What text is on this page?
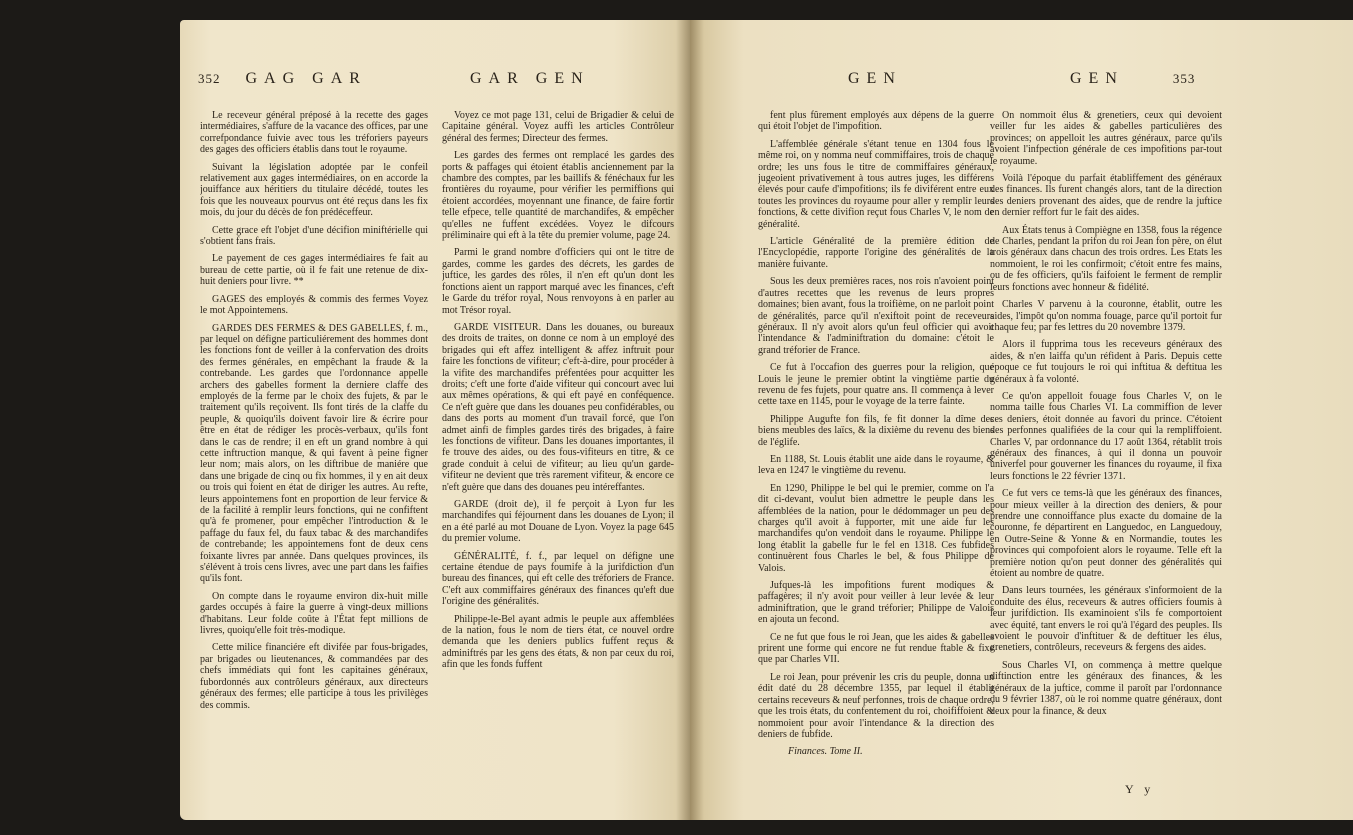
352 GAG GAR	GAR GEN

Le receveur général préposé à la recette des gages intermédiaires, s'affure de la vacance des offices, par une correfpondance fuivie avec tous les tréforiers payeurs des gages des officiers établis dans tout le royaume.

Suivant la législation adoptée par le confeil relativement aux gages intermédiaires, on en accorde la jouiffance aux héritiers du titulaire décédé, toutes les fois que les nouveaux pourvus ont été reçus dans les fix mois, du jour du décès de fon prédéceffeur.

Cette grace eft l'objet d'une décifion miniftérielle qui s'obtient fans frais.

Le payement de ces gages intermédiaires fe fait au bureau de cette partie, où il fe fait une retenue de dix-huit deniers pour livre. **

GAGES des employés & commis des fermes Voyez le mot Appointemens.

GARDES DES FERMES & DES GABELLES, f. m., par lequel on défigne particuliérement des hommes dont les fonctions font de veiller à la confervation des droits des fermes générales, en empêchant la fraude & la contrebande. Les gardes que l'ordonnance appelle archers des gabelles forment la derniere claffe des employés de la ferme par le choix des fujets, & par le traitement qu'ils reçoivent. Ils font tirés de la claffe du peuple, & quoiqu'ils doivent favoir lire & écrire pour être en état de rédiger les procès-verbaux, qu'ils font dans le cas de rendre; il en eft un grand nombre à qui cette inftruction manque, & qui favent à peine figner leur nom; mais alors, on les diftribue de maniére que dans une brigade de cinq ou fix hommes, il y en ait deux ou trois qui foient en état de diriger les autres. Au refte, leurs appointemens font en proportion de leur fervice & de la facilité à remplir leurs fonctions, qui ne confiftent qu'à fe promener, pour empêcher l'introduction & le paffage du faux fel, du faux tabac & des marchandifes de contrebande; les appointemens font de deux cens foixante livres par année. Dans quelques provinces, ils s'élévent à trois cens livres, avec une part dans les faifies qu'ils font.

On compte dans le royaume environ dix-huit mille gardes occupés à faire la guerre à vingt-deux millions d'habitans. Leur folde coûte à l'État fept millions de livres, quoiqu'elle foit très-modique.

Cette milice financiére eft divifée par fous-brigades, par brigades ou lieutenances, & commandées par des chefs immédiats qui font les capitaines généraux, fubordonnés aux contrôleurs généraux, aux directeurs généraux des fermes; elle participe à tous les privilèges des commis.

Voyez ce mot page 131, celui de Brigadier & celui de Capitaine général. Voyez auffi les articles Contrôleur général des fermes; Directeur des fermes.

Les gardes des fermes ont remplacé les gardes des ports & paffages qui étoient établis anciennement par la chambre des comptes, par les baillifs & fénéchaux fur les frontières du royaume, pour vérifier les permiffions qui étoient accordées, moyennant une finance, de faire fortir telle efpece, telle quantité de marchandifes, & empêcher qu'elles ne fuffent excédées. Voyez le difcours préliminaire qui eft à la tête du premier volume, page 24.

Parmi le grand nombre d'officiers qui ont le titre de gardes, comme les gardes des décrets, les gardes de juftice, les gardes des rôles, il n'en eft qu'un dont les fonctions aient un rapport marqué avec les finances, c'eft le Garde du tréfor royal, Nous renvoyons à en parler au mot Trésor royal.

GARDE VISITEUR. Dans les douanes, ou bureaux des droits de traites, on donne ce nom à un employé des brigades qui eft affez intelligent & affez inftruit pour faire les fonctions de vifiteur; c'eft-à-dire, pour procéder à la vifite des marchandifes préfentées pour acquitter les droits; c'eft une forte d'aide vifiteur qui concourt avec lui aux mêmes opérations, & qui eft payé en conféquence. Ce n'eft guère que dans les douanes peu confidérables, ou dans des ports au moment d'un travail forcé, que l'on admet ainfi de fimples gardes tirés des brigades, à faire les fonctions de vifiteur. Dans les douanes importantes, il fe trouve des aides, ou des fous-vifiteurs en titre, & ce grade conduit à celui de vifiteur; au lieu qu'un garde-vifiteur ne devient que très rarement vifiteur, & encore ce n'eft guère que dans des douanes peu intéreffantes.

GARDE (droit de), il fe perçoit à Lyon fur les marchandifes qui féjournent dans les douanes de Lyon; il en a été parlé au mot Douane de Lyon. Voyez la page 645 du premier volume.

GÉNÉRALITÉ, f. f., par lequel on défigne une certaine étendue de pays foumife à la jurifdiction d'un bureau des finances, qui eft celle des tréforiers de France. C'eft aux commiffaires généraux des finances qu'eft due l'origine des généralités.

Philippe-le-Bel ayant admis le peuple aux affemblées de la nation, fous le nom de tiers état, ce nouvel ordre demanda que les deniers publics fuffent reçus & adminiftrés par les gens des états, & non par ceux du roi, afin que les fonds fuffent

GEN	GEN	353

fent plus fûrement employés aux dépens de la guerre qui étoit l'objet de l'impofition.

L'affemblée générale s'étant tenue en 1304 fous le même roi, on y nomma neuf commiffaires, trois de chaque ordre; les uns fous le titre de commiffaires généraux, jugeoient privativement à tous autres juges, les différens élevés pour caufe d'impofitions; ils fe diviférent entre eux toutes les provinces du royaume pour aller y remplir leurs fonctions, & cette divifion reçut fous Charles V, le nom de généralité.

L'article Généralité de la première édition de l'Encyclopédie, rapporte l'origine des généralités de la manière fuivante.

Sous les deux premières races, nos rois n'avoient point d'autres recettes que les revenus de leurs propres domaines; bien avant, fous la troifième, on ne parloit point de généralités, parce qu'il n'exiftoit point de receveurs généraux. Il n'y avoit alors qu'un feul officier qui avoit l'intendance & l'adminiftration du domaine: c'étoit le grand tréforier de France.

Ce fut à l'occafion des guerres pour la religion, que Louis le jeune le premier obtint la vingtième partie du revenu de fes fujets, pour quatre ans. Il commença à lever cette taxe en 1145, pour le voyage de la terre fainte.

Philippe Augufte fon fils, fe fit donner la dîme des biens meubles des laïcs, & la dixième du revenu des biens de l'églife.

En 1188, St. Louis établit une aide dans le royaume, & leva en 1247 le vingtième du revenu.

En 1290, Philippe le bel qui le premier, comme on l'a dit ci-devant, voulut bien admettre le peuple dans les affemblées de la nation, pour le dédommager un peu des charges qu'il avoit à fupporter, mit une aide fur les marchandifes qu'on vendoit dans le royaume. Philippe le long établit la gabelle fur le fel en 1318. Ces fubfides continuèrent fous Charles le bel, & fous Philippe de Valois.

Jufques-là les impofitions furent modiques & paffagères; il n'y avoit pour veiller à leur levée & leur adminiftration, que le grand tréforier; Philippe de Valois en ajouta un fecond.

Ce ne fut que fous le roi Jean, que les aides & gabelles prirent une forme qui encore ne fut rendue ftable & fixe que par Charles VII.

Le roi Jean, pour prévenir les cris du peuple, donna un édit daté du 28 décembre 1355, par lequel il établit certains receveurs & neuf perfonnes, trois de chaque ordre, que les trois états, du confentement du roi, choififfoient & nommoient pour avoir l'intendance & la direction des deniers de fubfide.

Finances. Tome II.

On nommoit élus & grenetiers, ceux qui devoient veiller fur les aides & gabelles particulières des provinces; on appelloit les autres généraux, parce qu'ils avoient l'infpection générale de ces impofitions par-tout le royaume.

Voilà l'époque du parfait établiffement des généraux des finances. Ils furent changés alors, tant de la direction des deniers provenant des aides, que de rendre la juftice en dernier reffort fur le fait des aides.

Aux États tenus à Compiègne en 1358, fous la régence de Charles, pendant la prifon du roi Jean fon père, on élut trois généraux dans chacun des trois ordres. Les Etats les nommoient, le roi les confirmoit; c'étoit entre fes mains, ou de fes officiers, qu'ils faifoient le ferment de remplir leurs fonctions avec honneur & fidélité.

Charles V parvenu à la couronne, établit, outre les aides, l'impôt qu'on nomma fouage, parce qu'il portoit fur chaque feu; par fes lettres du 20 novembre 1379.

Alors il fupprima tous les receveurs généraux des aides, & n'en laiffa qu'un réfident à Paris. Depuis cette époque ce fut toujours le roi qui inftitua & deftitua les généraux à fa volonté.

Ce qu'on appelloit fouage fous Charles V, on le nomma taille fous Charles VI. La commiffion de lever ces deniers, étoit donnée au favori du prince. C'étoient des perfonnes qualifiées de la cour qui la rempliffoient. Charles V, par ordonnance du 17 août 1364, rétablit trois généraux des finances, à qui il donna un pouvoir univerfel pour gouverner les finances du royaume, il fixa leurs fonctions le 22 février 1371.

Ce fut vers ce tems-là que les généraux des finances, pour mieux veiller à la direction des deniers, & pour prendre une connoiffance plus exacte du domaine de la couronne, fe départirent en Languedoc, en Languedouy, en Outre-Seine & Yonne & en Normandie, toutes les provinces qui compofoient alors le royaume. Telle eft la première notion qu'on peut donner des généralités qui étoient au nombre de quatre.

Dans leurs tournées, les généraux s'informoient de la conduite des élus, receveurs & autres officiers foumis à leur jurifdiction. Ils examinoient s'ils fe comportoient avec équité, tant envers le roi qu'à l'égard des peuples. Ils avoient le pouvoir d'inftituer & de deftituer les élus, grenetiers, contrôleurs, receveurs & fergens des aides.

Sous Charles VI, on commença à mettre quelque diftinction entre les généraux des finances, & les généraux de la juftice, comme il paroît par l'ordonnance du 9 février 1387, où le roi nomme quatre généraux, dont deux pour la finance, & deux

Y y
